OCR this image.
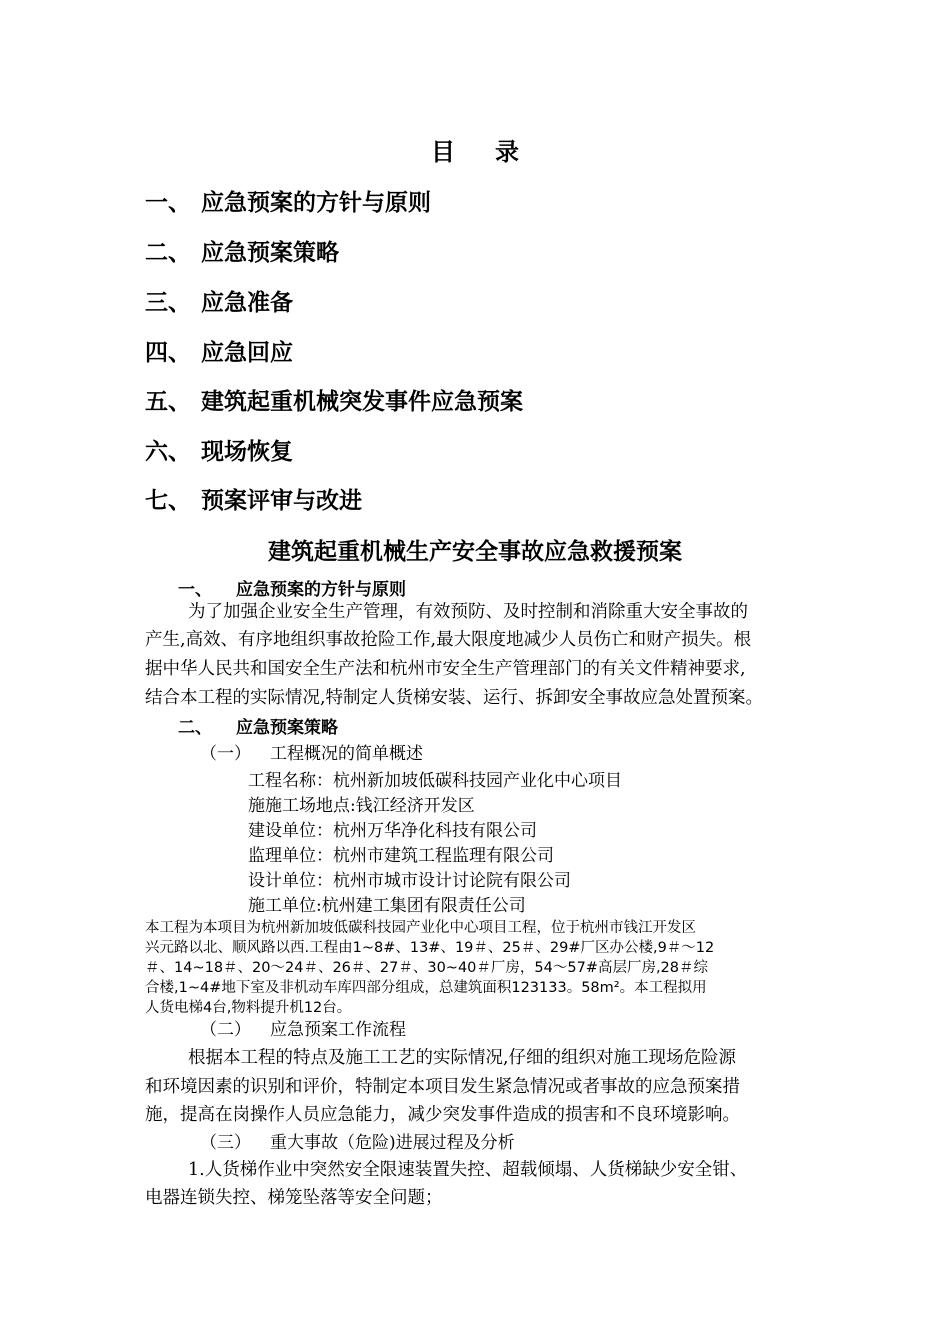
目 录
一、 应急预案的方针与原则
二、 应急预案策略
三、 应急准备
四、 应急回应
五、 建筑起重机械突发事件应急预案
六、 现场恢复
七、 预案评审与改进
建筑起重机械生产安全事故应急救援预案
一、 应急预案的方针与原则
为了加强企业安全生产管理，有效预防、及时控制和消除重大安全事故的
产生,高效、有序地组织事故抢险工作,最大限度地减少人员伤亡和财产损失。根
据中华人民共和国安全生产法和杭州市安全生产管理部门的有关文件精神要求,
结合本工程的实际情况,特制定人货梯安装、运行、拆卸安全事故应急处置预案。
二、 应急预案策略
（一） 工程概况的简单概述
工程名称：杭州新加坡低碳科技园产业化中心项目
施施工场地点:钱江经济开发区
建设单位：杭州万华净化科技有限公司
监理单位：杭州市建筑工程监理有限公司
设计单位：杭州市城市设计讨论院有限公司
施工单位:杭州建工集团有限责任公司
本工程为本项目为杭州新加坡低碳科技园产业化中心项目工程，位于杭州市钱江开发区
兴元路以北、顺风路以西.工程由1~8#、13#、19＃、25＃、29#厂区办公楼,9＃～12
＃、14~18＃、20～24＃、26＃、27＃、30~40＃厂房，54～57#高层厂房,28＃综
合楼,1~4#地下室及非机动车库四部分组成，总建筑面积123133。58m²。本工程拟用
人货电梯4台,物料提升机12台。
（二） 应急预案工作流程
根据本工程的特点及施工工艺的实际情况,仔细的组织对施工现场危险源
和环境因素的识别和评价，特制定本项目发生紧急情况或者事故的应急预案措
施，提高在岗操作人员应急能力，减少突发事件造成的损害和不良环境影响。
（三） 重大事故（危险)进展过程及分析
1.人货梯作业中突然安全限速装置失控、超载倾塌、人货梯缺少安全钳、
电器连锁失控、梯笼坠落等安全问题；
